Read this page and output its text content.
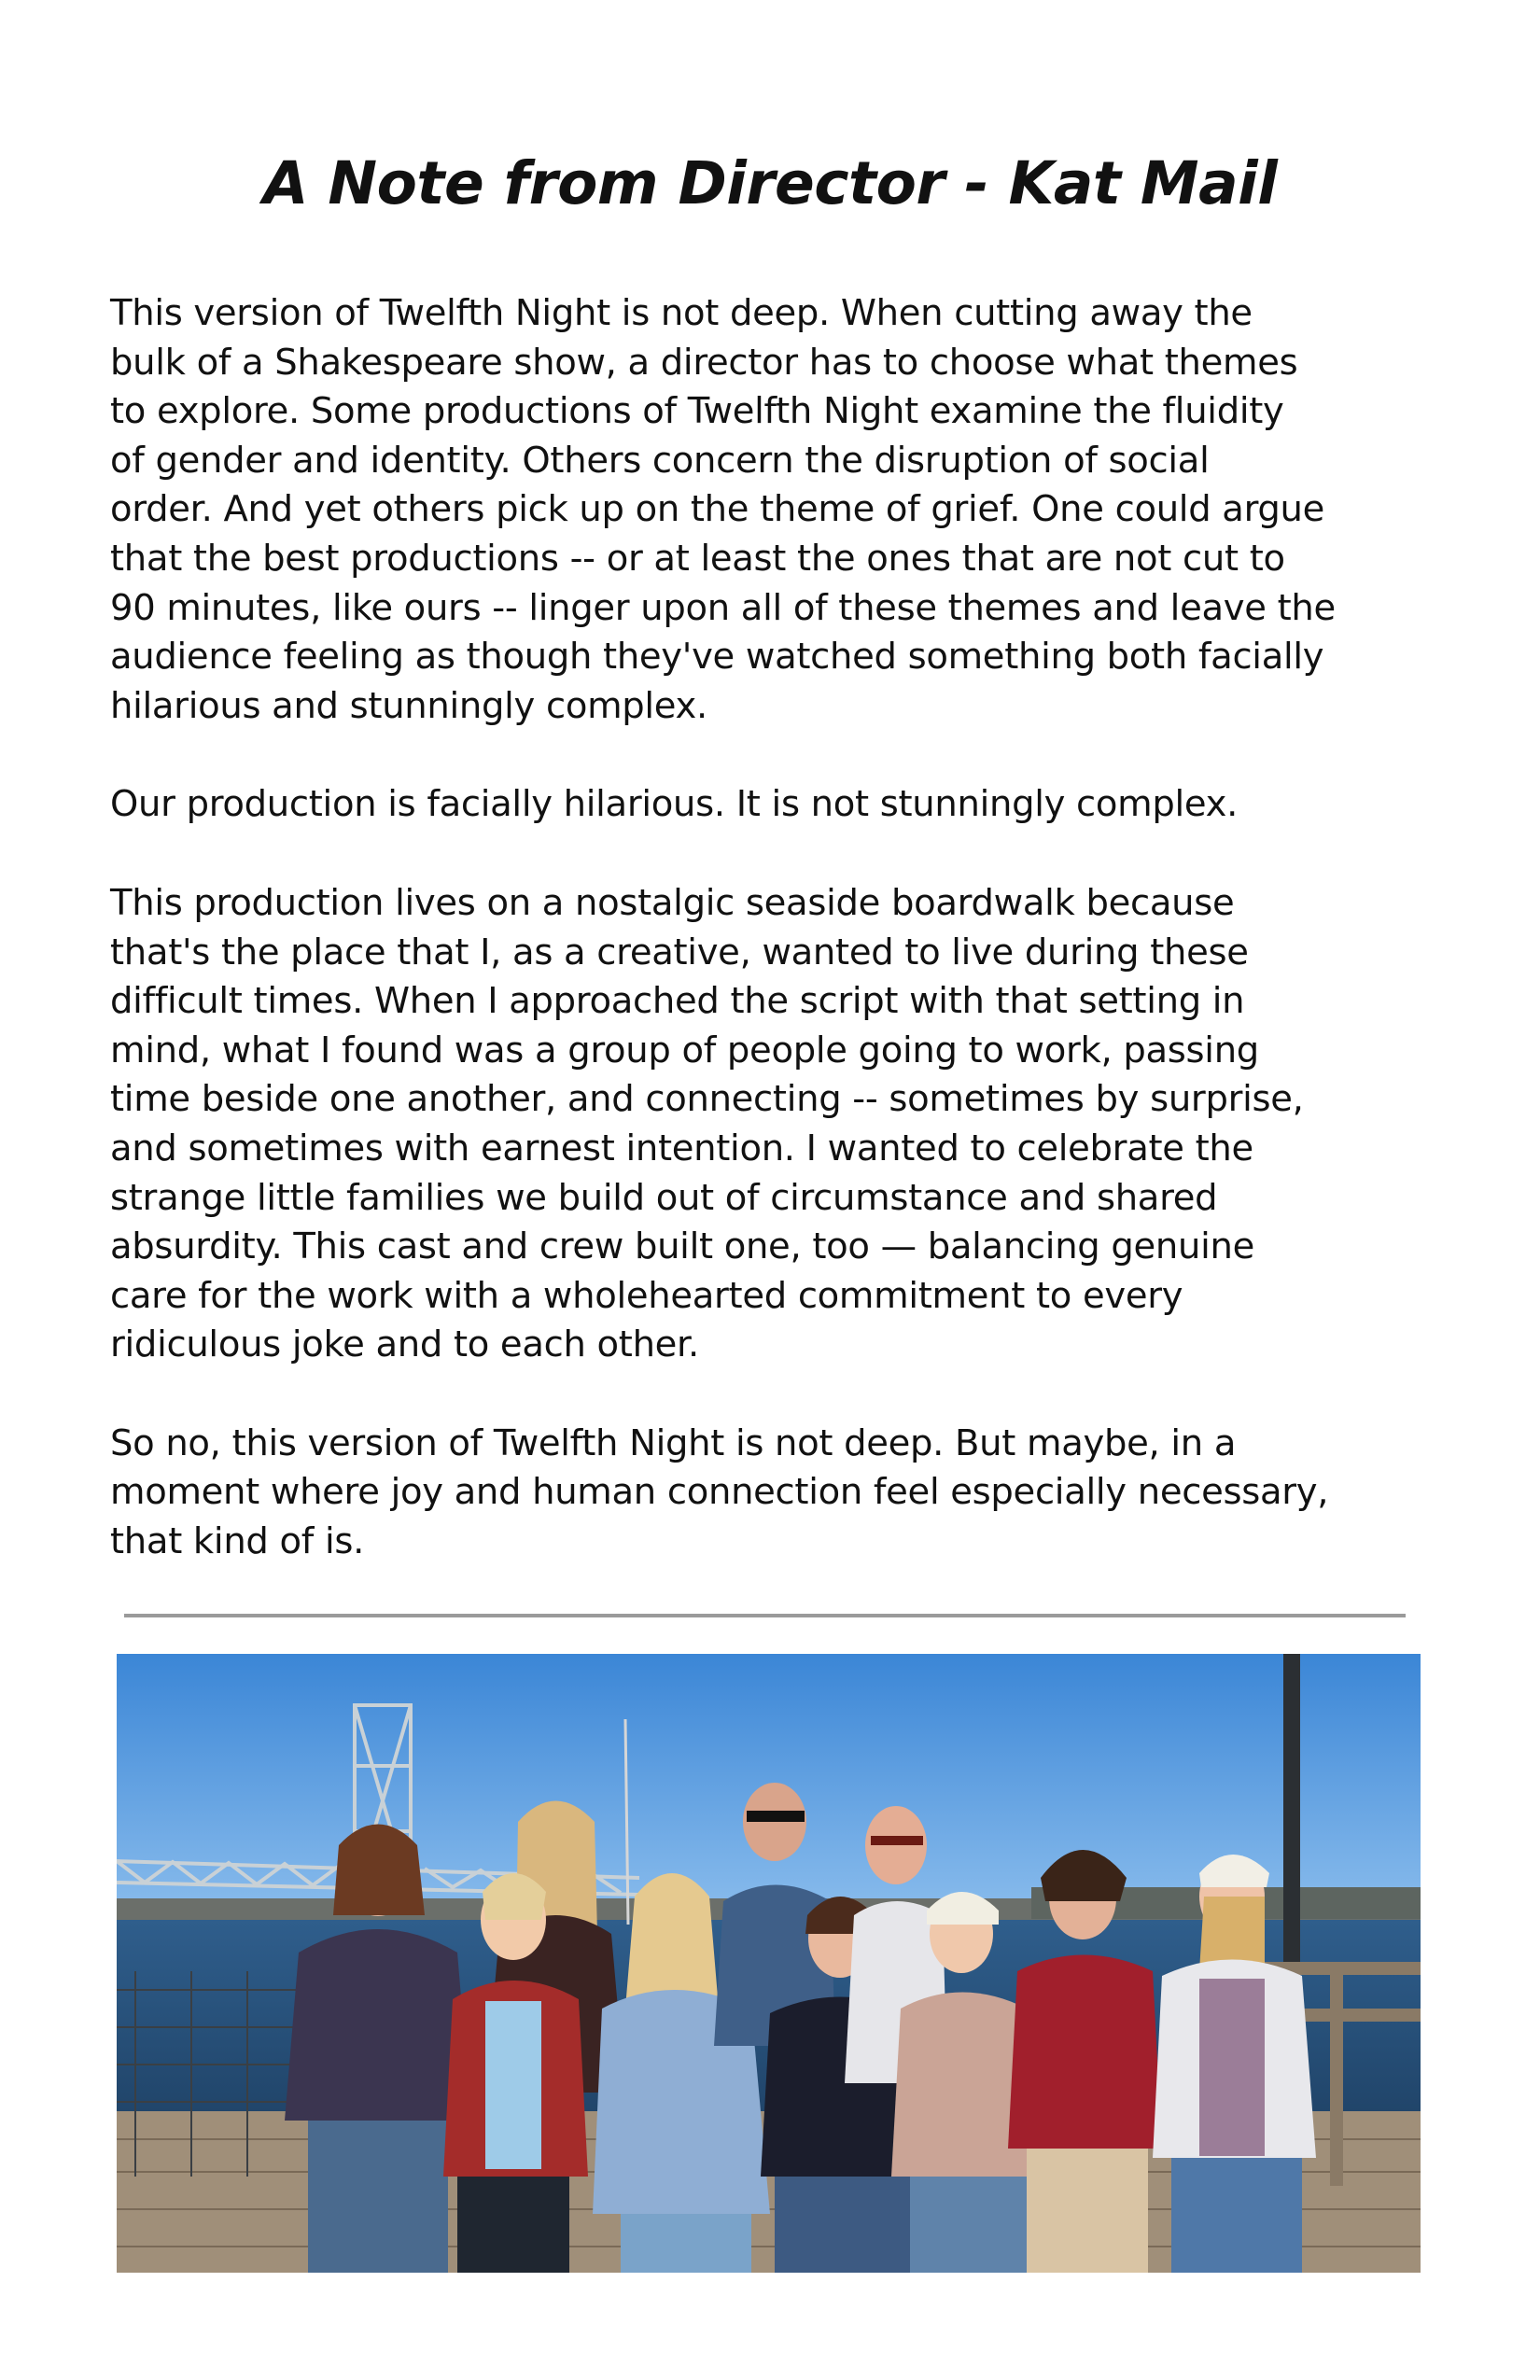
A Note from Director - Kat Mail

This version of Twelfth Night is not deep. When cutting away the
bulk of a Shakespeare show, a director has to choose what themes
to explore. Some productions of Twelfth Night examine the fluidity
of gender and identity. Others concern the disruption of social
order. And yet others pick up on the theme of grief. One could argue
that the best productions -- or at least the ones that are not cut to
90 minutes, like ours -- linger upon all of these themes and leave the
audience feeling as though they've watched something both facially
hilarious and stunningly complex.

Our production is facially hilarious. It is not stunningly complex.

This production lives on a nostalgic seaside boardwalk because
that's the place that I, as a creative, wanted to live during these
difficult times. When I approached the script with that setting in
mind, what I found was a group of people going to work, passing
time beside one another, and connecting -- sometimes by surprise,
and sometimes with earnest intention. I wanted to celebrate the
strange little families we build out of circumstance and shared
absurdity. This cast and crew built one, too — balancing genuine
care for the work with a wholehearted commitment to every
ridiculous joke and to each other.

So no, this version of Twelfth Night is not deep. But maybe, in a
moment where joy and human connection feel especially necessary,
that kind of is.
